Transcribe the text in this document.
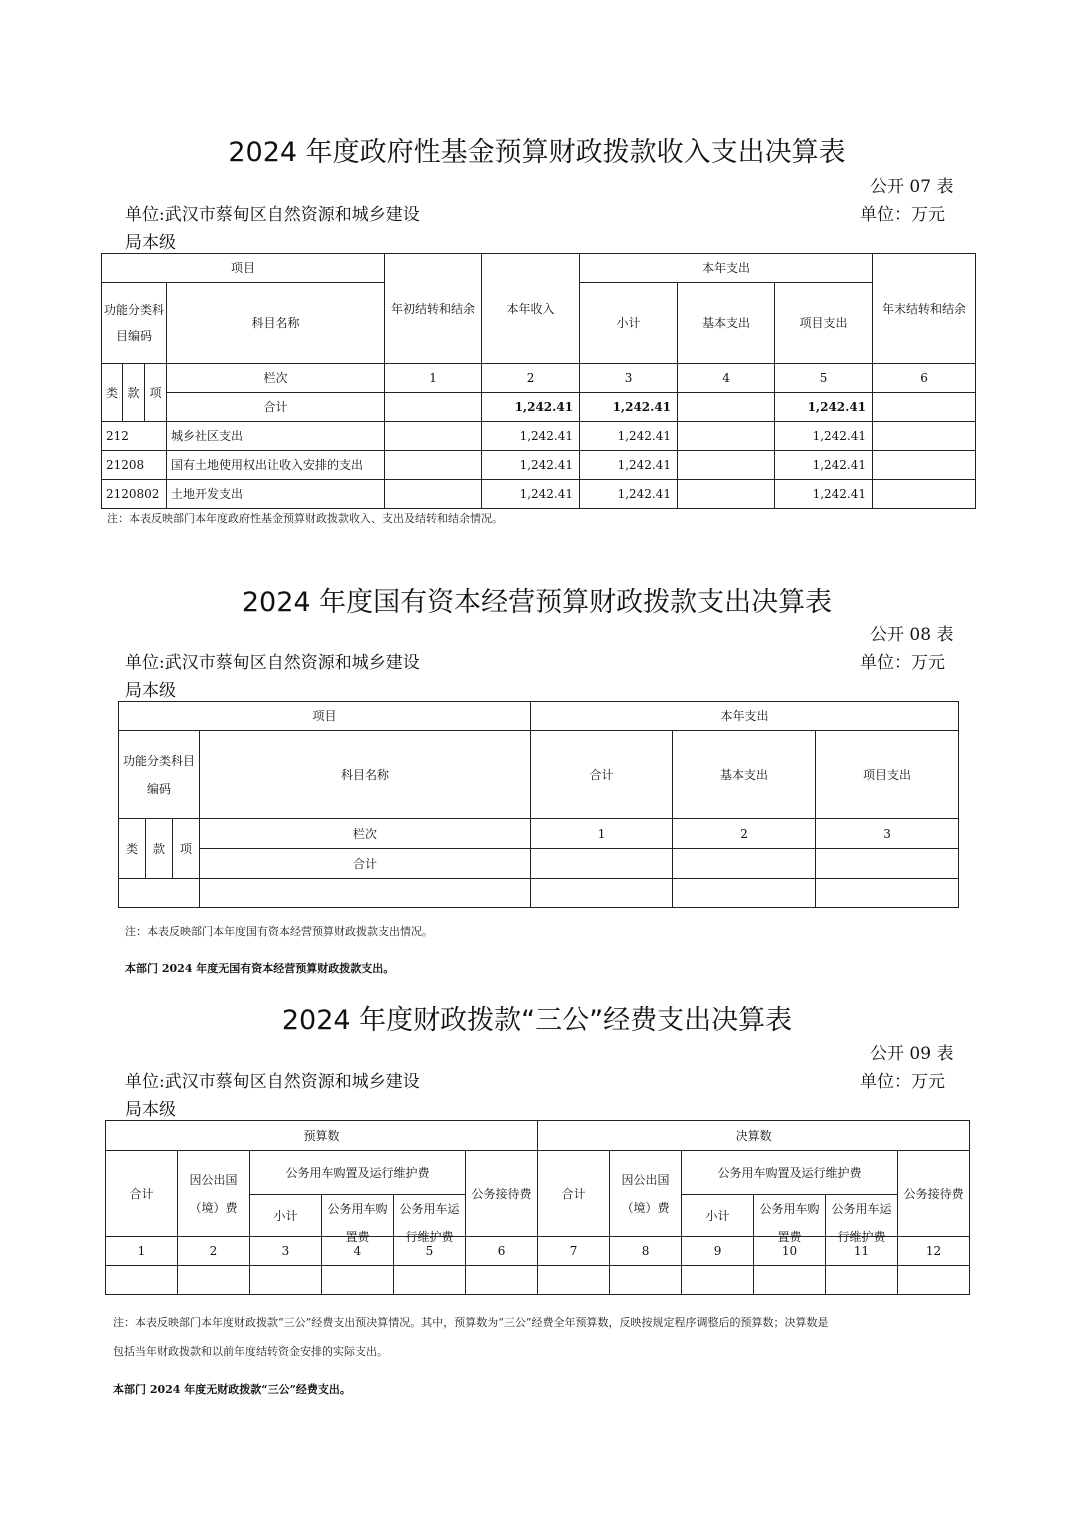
2024 年度政府性基金预算财政拨款收入支出决算表
公开 07 表
单位:武汉市蔡甸区自然资源和城乡建设
局本级
单位：万元
项目				年初结转和结余	本年收入	本年支出			年末结转和结余
功能分类科目编码			科目名称			小计	基本支出	项目支出	
类	款	项	栏次	1	2	3	4	5	6
			合计		1,242.41	1,242.41		1,242.41	
212			城乡社区支出		1,242.41	1,242.41		1,242.41	
21208			国有土地使用权出让收入安排的支出		1,242.41	1,242.41		1,242.41	
2120802			土地开发支出		1,242.41	1,242.41		1,242.41	
注：本表反映部门本年度政府性基金预算财政拨款收入、支出及结转和结余情况。
2024 年度国有资本经营预算财政拨款支出决算表
公开 08 表
单位:武汉市蔡甸区自然资源和城乡建设
局本级
单位：万元
项目				本年支出		
功能分类科目编码			科目名称	合计	基本支出	项目支出
类	款	项	栏次	1	2	3
			合计			

注：本表反映部门本年度国有资本经营预算财政拨款支出情况。
本部门 2024 年度无国有资本经营预算财政拨款支出。
2024 年度财政拨款“三公”经费支出决算表
公开 09 表
单位:武汉市蔡甸区自然资源和城乡建设
局本级
单位：万元
预算数						决算数					
合计	因公出国（境）费	公务用车购置及运行维护费			公务接待费	合计	因公出国（境）费	公务用车购置及运行维护费			公务接待费
		小计	公务用车购置费	公务用车运行维护费				小计	公务用车购置费	公务用车运行维护费	

1	2	3	4	5	6	7	8	9	10	11	12

注：本表反映部门本年度财政拨款“三公”经费支出预决算情况。其中，预算数为“三公”经费全年预算数，反映按规定程序调整后的预算数；决算数是
包括当年财政拨款和以前年度结转资金安排的实际支出。
本部门 2024 年度无财政拨款“三公”经费支出。
